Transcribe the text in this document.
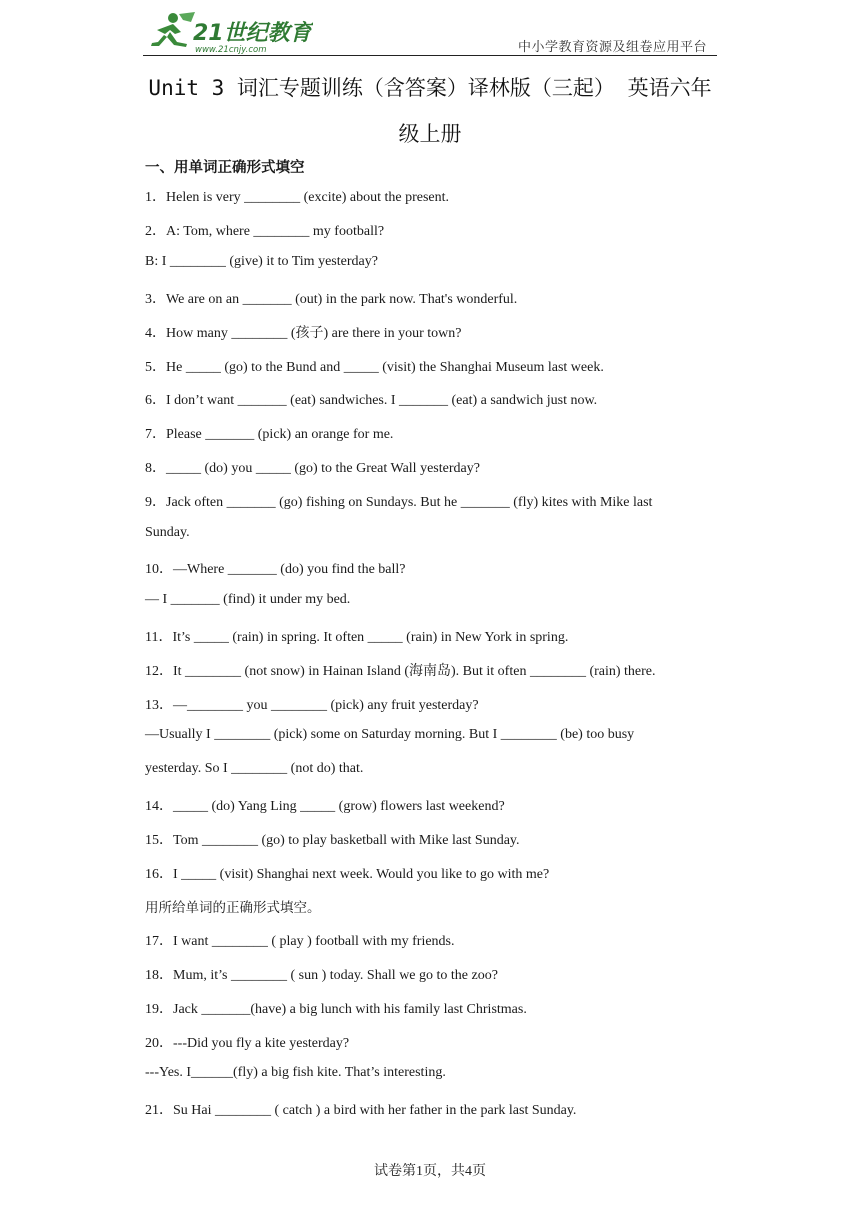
21世纪教育
www.21cnjy.com	中小学教育资源及组卷应用平台
Unit 3 词汇专题训练（含答案）译林版（三起） 英语六年
级上册
一、用单词正确形式填空
1．Helen is very ________ (excite) about the present.
2．A: Tom, where ________ my football?
B: I ________ (give) it to Tim yesterday?
3．We are on an _______ (out) in the park now. That's wonderful.
4．How many ________ (孩子) are there in your town?
5．He _____ (go) to the Bund and _____ (visit) the Shanghai Museum last week.
6．I don’t want _______ (eat) sandwiches. I _______ (eat) a sandwich just now.
7．Please _______ (pick) an orange for me.
8．_____ (do) you _____ (go) to the Great Wall yesterday?
9．Jack often _______ (go) fishing on Sundays. But he _______ (fly) kites with Mike last
Sunday.
10．—Where _______ (do) you find the ball?
— I _______ (find) it under my bed.
11．It’s _____ (rain) in spring. It often _____ (rain) in New York in spring.
12．It ________ (not snow) in Hainan Island (海南岛). But it often ________ (rain) there.
13．—________ you ________ (pick) any fruit yesterday?
—Usually I ________ (pick) some on Saturday morning. But I ________ (be) too busy
yesterday. So I ________ (not do) that.
14．_____ (do) Yang Ling _____ (grow) flowers last weekend?
15．Tom ________ (go) to play basketball with Mike last Sunday.
16．I _____ (visit) Shanghai next week. Would you like to go with me?
用所给单词的正确形式填空。
17．I want ________ ( play ) football with my friends.
18．Mum, it’s ________ ( sun ) today. Shall we go to the zoo?
19．Jack _______(have) a big lunch with his family last Christmas.
20．---Did you fly a kite yesterday?
---Yes. I______(fly) a big fish kite. That’s interesting.
21．Su Hai ________ ( catch ) a bird with her father in the park last Sunday.
试卷第1页，共4页
